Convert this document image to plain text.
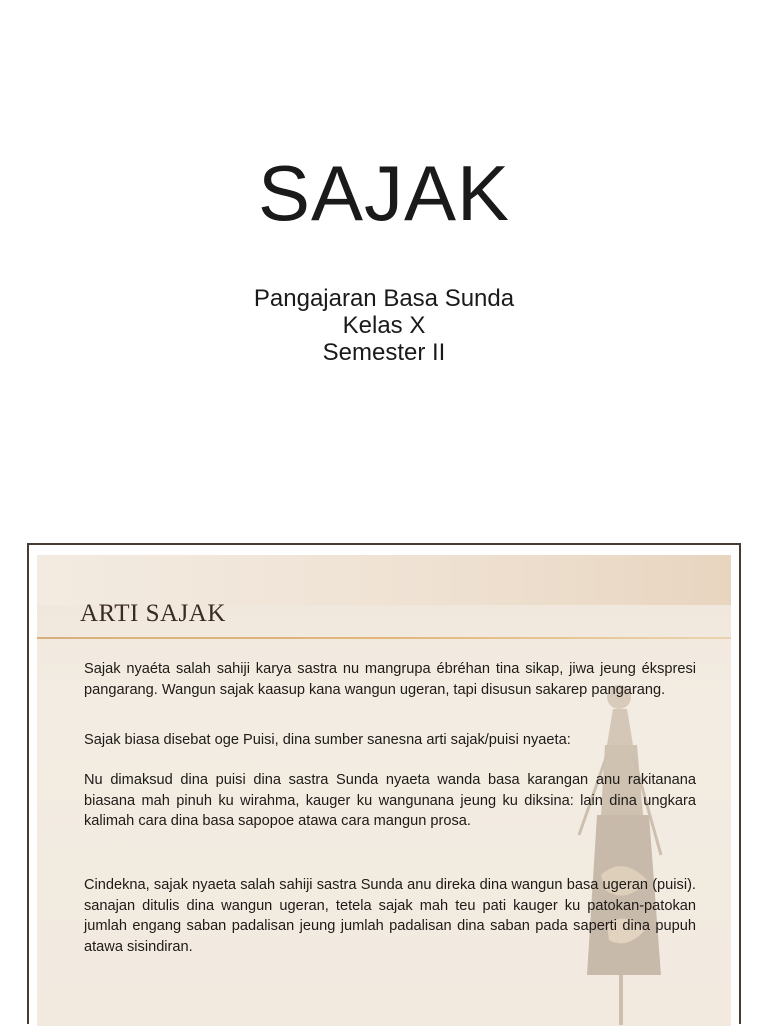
SAJAK
Pangajaran Basa Sunda
Kelas X
Semester II
ARTI SAJAK

Sajak nyaéta salah sahiji karya sastra nu mangrupa ébréhan tina sikap, jiwa jeung ékspresi pangarang. Wangun sajak kaasup kana wangun ugeran, tapi disusun sakarep pangarang.

Sajak biasa disebat oge Puisi, dina sumber sanesna arti sajak/puisi nyaeta:

Nu dimaksud dina puisi dina sastra Sunda nyaeta wanda basa karangan anu rakitanana biasana mah pinuh ku wirahma, kauger ku wangunana jeung ku diksina: lain dina ungkara kalimah cara dina basa sapopoe atawa cara mangun prosa.

Cindekna, sajak nyaeta salah sahiji sastra Sunda anu direka dina wangun basa ugeran (puisi). sanajan ditulis dina wangun ugeran, tetela sajak mah teu pati kauger ku patokan-patokan jumlah engang saban padalisan jeung jumlah padalisan dina saban pada saperti dina pupuh atawa sisindiran.
